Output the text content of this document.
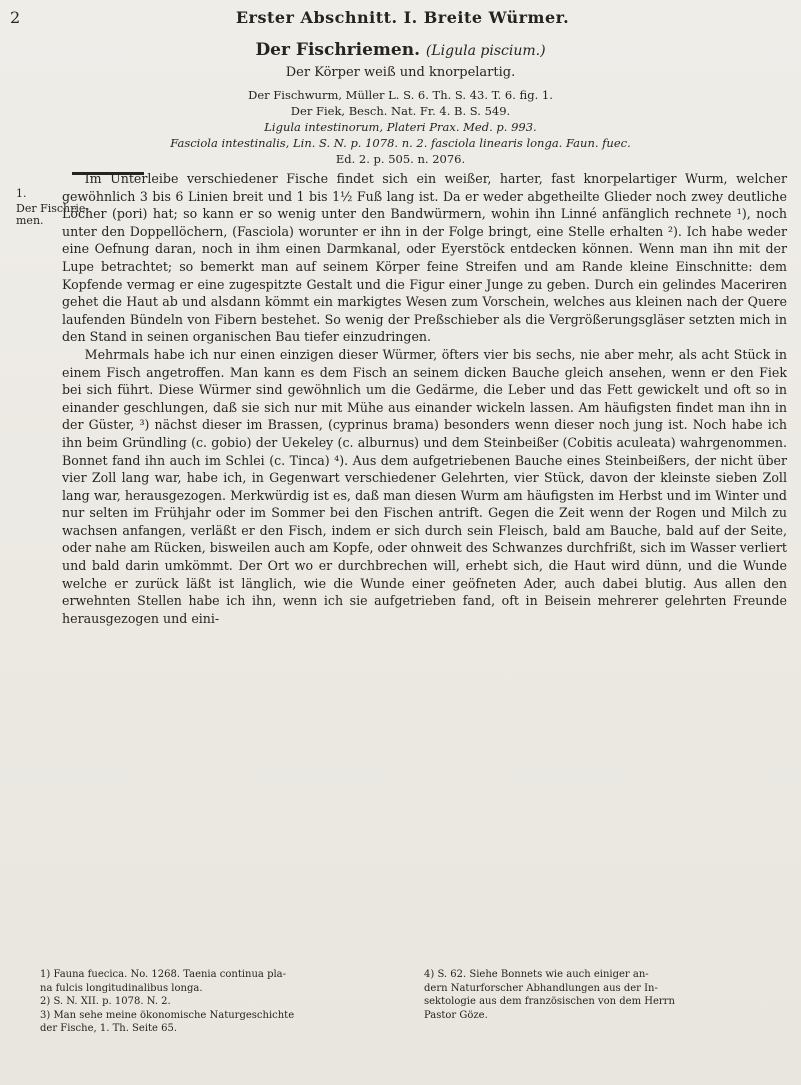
2	Erster Abschnitt. I. Breite Würmer.
Der Fischriemen. (Ligula piscium.)
Der Körper weiß und knorpelartig.
Der Fischwurm, Müller L. S. 6. Th. S. 43. T. 6. fig. 1.
Der Fiek, Besch. Nat. Fr. 4. B. S. 549.
Ligula intestinorum, Plateri Prax. Med. p. 993.
Fasciola intestinalis, Lin. S. N. p. 1078. n. 2. fasciola linearis longa. Faun. fuec.
Ed. 2. p. 505. n. 2076.
1.
Der Fischrie-
men.

Im Unterleibe verschiedener Fische findet sich ein weißer, harter, fast knorpelartiger Wurm, welcher gewöhnlich 3 bis 6 Linien breit und 1 bis 1½ Fuß lang ist. Da er weder abgetheilte Glieder noch zwey deutliche Löcher (pori) hat; so kann er so wenig unter den Bandwürmern, wohin ihn Linné anfänglich rechnete ¹), noch unter den Doppellöchern, (Fasciola) worunter er ihn in der Folge bringt, eine Stelle erhalten ²). Ich habe weder eine Oefnung daran, noch in ihm einen Darmkanal, oder Eyerstöck entdecken können. Wenn man ihn mit der Lupe betrachtet; so bemerkt man auf seinem Körper feine Streifen und am Rande kleine Einschnitte: dem Kopfende vermag er eine zugespitzte Gestalt und die Figur einer Junge zu geben. Durch ein gelindes Maceriren gehet die Haut ab und alsdann kömmt ein markigtes Wesen zum Vorschein, welches aus kleinen nach der Quere laufenden Bündeln von Fibern bestehet. So wenig der Preßschieber als die Vergrößerungsgläser setzten mich in den Stand in seinen organischen Bau tiefer einzudringen.

Mehrmals habe ich nur einen einzigen dieser Würmer, öfters vier bis sechs, nie aber mehr, als acht Stück in einem Fisch angetroffen. Man kann es dem Fisch an seinem dicken Bauche gleich ansehen, wenn er den Fiek bei sich führt. Diese Würmer sind gewöhnlich um die Gedärme, die Leber und das Fett gewickelt und oft so in einander geschlungen, daß sie sich nur mit Mühe aus einander wickeln lassen. Am häufigsten findet man ihn in der Güster, ³) nächst dieser im Brassen, (cyprinus brama) besonders wenn dieser noch jung ist. Noch habe ich ihn beim Gründling (c. gobio) der Uekeley (c. alburnus) und dem Steinbeißer (Cobitis aculeata) wahrgenommen. Bonnet fand ihn auch im Schlei (c. Tinca) ⁴). Aus dem aufgetriebenen Bauche eines Steinbeißers, der nicht über vier Zoll lang war, habe ich, in Gegenwart verschiedener Gelehrten, vier Stück, davon der kleinste sieben Zoll lang war, herausgezogen. Merkwürdig ist es, daß man diesen Wurm am häufigsten im Herbst und im Winter und nur selten im Frühjahr oder im Sommer bei den Fischen antrift. Gegen die Zeit wenn der Rogen und Milch zu wachsen anfangen, verläßt er den Fisch, indem er sich durch sein Fleisch, bald am Bauche, bald auf der Seite, oder nahe am Rücken, bisweilen auch am Kopfe, oder ohnweit des Schwanzes durchfrißt, sich im Wasser verliert und bald darin umkömmt. Der Ort wo er durchbrechen will, erhebt sich, die Haut wird dünn, und die Wunde welche er zurück läßt ist länglich, wie die Wunde einer geöfneten Ader, auch dabei blutig. Aus allen den erwehnten Stellen habe ich ihn, wenn ich sie aufgetrieben fand, oft in Beisein mehrerer gelehrten Freunde herausgezogen und eini-

1) Fauna fuecica. No. 1268. Taenia continua pla-
na fulcis longitudinalibus longa.
2) S. N. XII. p. 1078. N. 2.
3) Man sehe meine ökonomische Naturgeschichte
der Fische, 1. Th. Seite 65.
4) S. 62. Siehe Bonnets wie auch einiger an-
dern Naturforscher Abhandlungen aus der In-
sektologie aus dem französischen von dem Herrn
Pastor Göze.
